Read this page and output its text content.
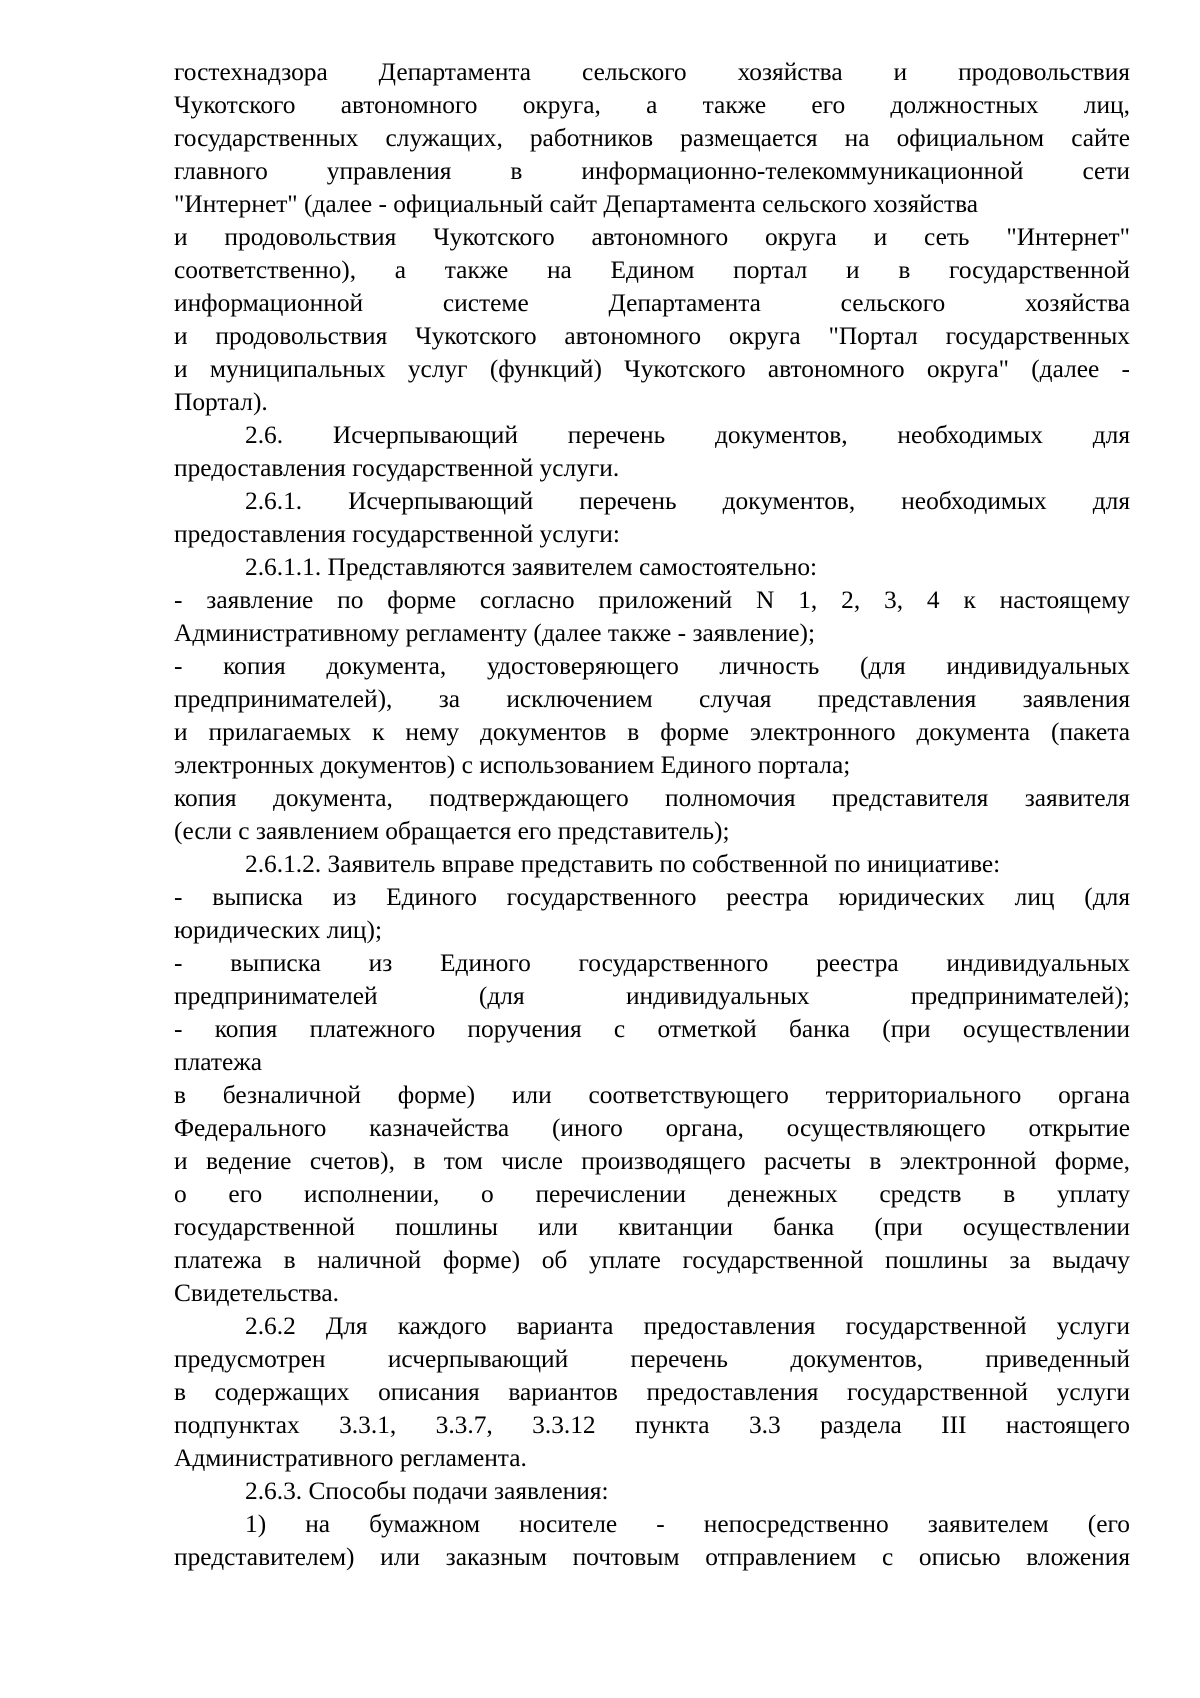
гостехнадзора Департамента сельского хозяйства и продовольствия
Чукотского автономного округа, а также его должностных лиц,
государственных служащих, работников размещается на официальном сайте
главного управления в информационно-телекоммуникационной сети
"Интернет" (далее - официальный сайт Департамента сельского хозяйства
и продовольствия Чукотского автономного округа и сеть "Интернет"
соответственно), а также на Едином портал и в государственной
информационной системе Департамента сельского хозяйства
и продовольствия Чукотского автономного округа "Портал государственных
и муниципальных услуг (функций) Чукотского автономного округа" (далее -
Портал).
2.6. Исчерпывающий перечень документов, необходимых для
предоставления государственной услуги.
2.6.1. Исчерпывающий перечень документов, необходимых для
предоставления государственной услуги:
2.6.1.1. Представляются заявителем самостоятельно:
- заявление по форме согласно приложений N 1, 2, 3, 4 к настоящему
Административному регламенту (далее также - заявление);
- копия документа, удостоверяющего личность (для индивидуальных
предпринимателей), за исключением случая представления заявления
и прилагаемых к нему документов в форме электронного документа (пакета
электронных документов) с использованием Единого портала;
копия документа, подтверждающего полномочия представителя заявителя
(если с заявлением обращается его представитель);
2.6.1.2. Заявитель вправе представить по собственной по инициативе:
- выписка из Единого государственного реестра юридических лиц (для
юридических лиц);
- выписка из Единого государственного реестра индивидуальных
предпринимателей (для индивидуальных предпринимателей);
- копия платежного поручения с отметкой банка (при осуществлении
платежа
в безналичной форме) или соответствующего территориального органа
Федерального казначейства (иного органа, осуществляющего открытие
и ведение счетов), в том числе производящего расчеты в электронной форме,
о его исполнении, о перечислении денежных средств в уплату
государственной пошлины или квитанции банка (при осуществлении
платежа в наличной форме) об уплате государственной пошлины за выдачу
Свидетельства.
2.6.2 Для каждого варианта предоставления государственной услуги
предусмотрен исчерпывающий перечень документов, приведенный
в содержащих описания вариантов предоставления государственной услуги
подпунктах 3.3.1, 3.3.7, 3.3.12 пункта 3.3 раздела III настоящего
Административного регламента.
2.6.3. Способы подачи заявления:
1) на бумажном носителе - непосредственно заявителем (его
представителем) или заказным почтовым отправлением с описью вложения
